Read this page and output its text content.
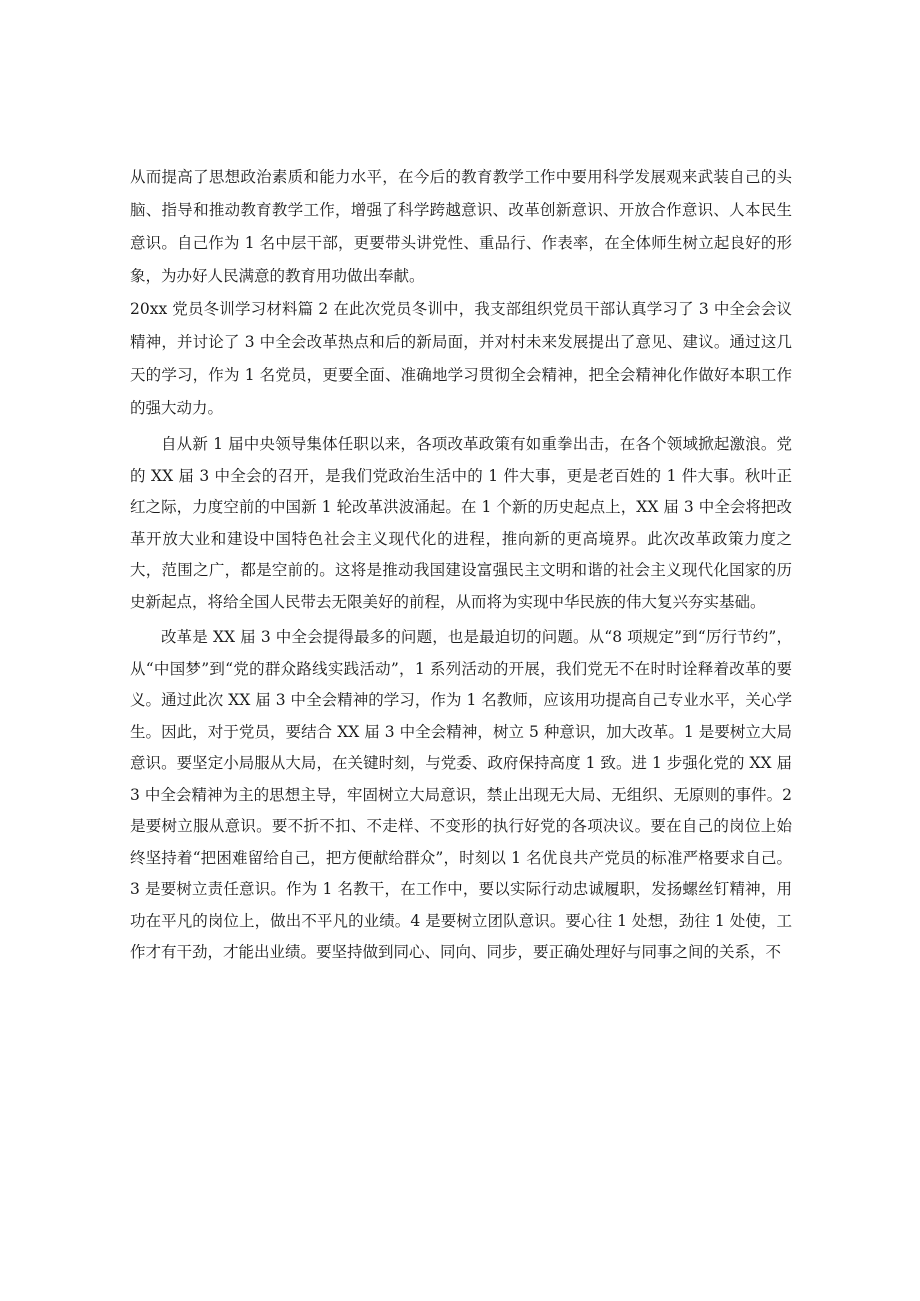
从而提高了思想政治素质和能力水平，在今后的教育教学工作中要用科学发展观来武装自己的头脑、指导和推动教育教学工作，增强了科学跨越意识、改革创新意识、开放合作意识、人本民生意识。自己作为 1 名中层干部，更要带头讲党性、重品行、作表率，在全体师生树立起良好的形象，为办好人民满意的教育用功做出奉献。

20xx 党员冬训学习材料篇 2 在此次党员冬训中，我支部组织党员干部认真学习了 3 中全会会议精神，并讨论了 3 中全会改革热点和后的新局面，并对村未来发展提出了意见、建议。通过这几天的学习，作为 1 名党员，更要全面、准确地学习贯彻全会精神，把全会精神化作做好本职工作的强大动力。

自从新 1 届中央领导集体任职以来，各项改革政策有如重拳出击，在各个领域掀起激浪。党的 XX 届 3 中全会的召开，是我们党政治生活中的 1 件大事，更是老百姓的 1 件大事。秋叶正红之际，力度空前的中国新 1 轮改革洪波涌起。在 1 个新的历史起点上，XX 届 3 中全会将把改革开放大业和建设中国特色社会主义现代化的进程，推向新的更高境界。此次改革政策力度之大，范围之广，都是空前的。这将是推动我国建设富强民主文明和谐的社会主义现代化国家的历史新起点，将给全国人民带去无限美好的前程，从而将为实现中华民族的伟大复兴夯实基础。

改革是 XX 届 3 中全会提得最多的问题，也是最迫切的问题。从“8 项规定”到“厉行节约”，从“中国梦”到“党的群众路线实践活动”，1 系列活动的开展，我们党无不在时时诠释着改革的要义。通过此次 XX 届 3 中全会精神的学习，作为 1 名教师，应该用功提高自己专业水平，关心学生。因此，对于党员，要结合 XX 届 3 中全会精神，树立 5 种意识，加大改革。1 是要树立大局意识。要坚定小局服从大局，在关键时刻，与党委、政府保持高度 1 致。进 1 步强化党的 XX 届 3 中全会精神为主的思想主导，牢固树立大局意识，禁止出现无大局、无组织、无原则的事件。2 是要树立服从意识。要不折不扣、不走样、不变形的执行好党的各项决议。要在自己的岗位上始终坚持着“把困难留给自己，把方便献给群众”，时刻以 1 名优良共产党员的标准严格要求自己。3 是要树立责任意识。作为 1 名教干，在工作中，要以实际行动忠诚履职，发扬螺丝钉精神，用功在平凡的岗位上，做出不平凡的业绩。4 是要树立团队意识。要心往 1 处想，劲往 1 处使，工作才有干劲，才能出业绩。要坚持做到同心、同向、同步，要正确处理好与同事之间的关系，不
